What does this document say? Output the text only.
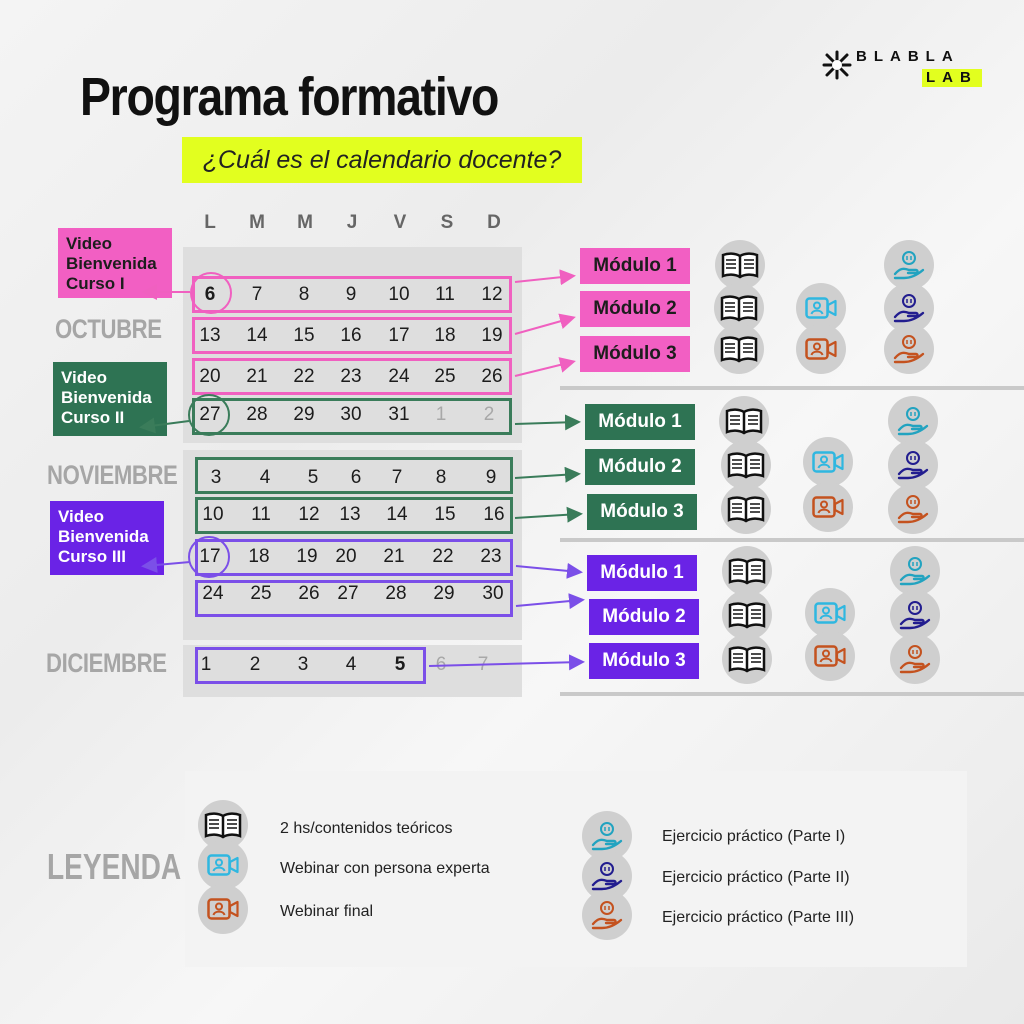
Programa formativo
¿Cuál es el calendario docente?
BLABLA
LAB
L	M	M	J	V	S	D
OCTUBRE
NOVIEMBRE
DICIEMBRE
6	7	8	9	10	11	12
13	14	15	16	17	18	19
20	21	22	23	24	25	26
27	28	29	30	31	1	2
3	4	5	6	7	8	9
10	11	12	13	14	15	16
17	18	19 20	21	22	23
24	25	26 27	28	29	30
1	2	3	4	5	6	7
Video
Bienvenida
Curso I
Video
Bienvenida
Curso II
Video
Bienvenida
Curso III
Módulo 1
Módulo 2
Módulo 3
Módulo 1
Módulo 2
Módulo 3
Módulo 1
Módulo 2
Módulo 3
LEYENDA
2 hs/contenidos teóricos
Webinar con persona experta
Webinar final
Ejercicio práctico (Parte I)
Ejercicio práctico (Parte II)
Ejercicio práctico (Parte III)
